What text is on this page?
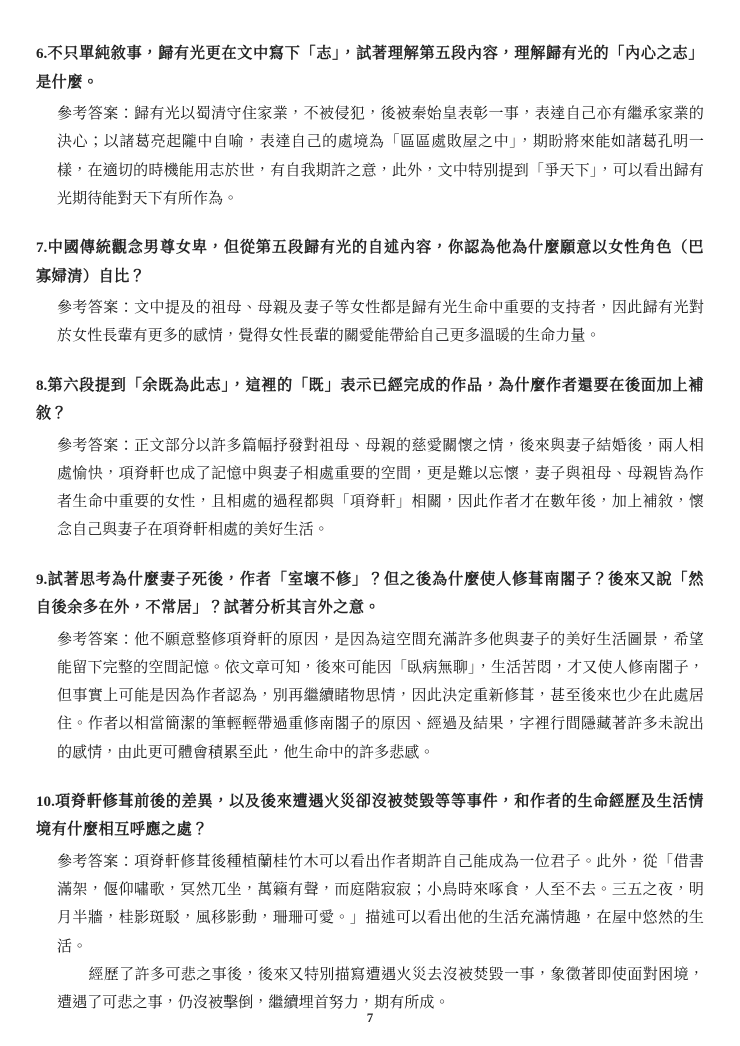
6.不只單純敘事，歸有光更在文中寫下「志」，試著理解第五段內容，理解歸有光的「內心之志」是什麼。

參考答案：歸有光以蜀清守住家業，不被侵犯，後被秦始皇表彰一事，表達自己亦有繼承家業的決心；以諸葛亮起隴中自喻，表達自己的處境為「區區處敗屋之中」，期盼將來能如諸葛孔明一樣，在適切的時機能用志於世，有自我期許之意，此外，文中特別提到「爭天下」，可以看出歸有光期待能對天下有所作為。

7.中國傳統觀念男尊女卑，但從第五段歸有光的自述內容，你認為他為什麼願意以女性角色（巴寡婦清）自比？

參考答案：文中提及的祖母、母親及妻子等女性都是歸有光生命中重要的支持者，因此歸有光對於女性長輩有更多的感情，覺得女性長輩的關愛能帶給自己更多溫暖的生命力量。

8.第六段提到「余既為此志」，這裡的「既」表示已經完成的作品，為什麼作者還要在後面加上補敘？

參考答案：正文部分以許多篇幅抒發對祖母、母親的慈愛關懷之情，後來與妻子結婚後，兩人相處愉快，項脊軒也成了記憶中與妻子相處重要的空間，更是難以忘懷，妻子與祖母、母親皆為作者生命中重要的女性，且相處的過程都與「項脊軒」相關，因此作者才在數年後，加上補敘，懷念自己與妻子在項脊軒相處的美好生活。

9.試著思考為什麼妻子死後，作者「室壞不修」？但之後為什麼使人修葺南閣子？後來又說「然自後余多在外，不常居」？試著分析其言外之意。

參考答案：他不願意整修項脊軒的原因，是因為這空間充滿許多他與妻子的美好生活圖景，希望能留下完整的空間記憶。依文章可知，後來可能因「臥病無聊」，生活苦悶，才又使人修南閣子，但事實上可能是因為作者認為，別再繼續睹物思情，因此決定重新修葺，甚至後來也少在此處居住。作者以相當簡潔的筆輕輕帶過重修南閣子的原因、經過及結果，字裡行間隱藏著許多未說出的感情，由此更可體會積累至此，他生命中的許多悲感。

10.項脊軒修葺前後的差異，以及後來遭遇火災卻沒被焚毀等等事件，和作者的生命經歷及生活情境有什麼相互呼應之處？

參考答案：項脊軒修葺後種植蘭桂竹木可以看出作者期許自己能成為一位君子。此外，從「借書滿架，偃仰嘯歌，冥然兀坐，萬籟有聲，而庭階寂寂；小鳥時來啄食，人至不去。三五之夜，明月半牆，桂影斑駁，風移影動，珊珊可愛。」描述可以看出他的生活充滿情趣，在屋中悠然的生活。

經歷了許多可悲之事後，後來又特別描寫遭遇火災去沒被焚毀一事，象徵著即使面對困境，遭遇了可悲之事，仍沒被擊倒，繼續埋首努力，期有所成。

7
